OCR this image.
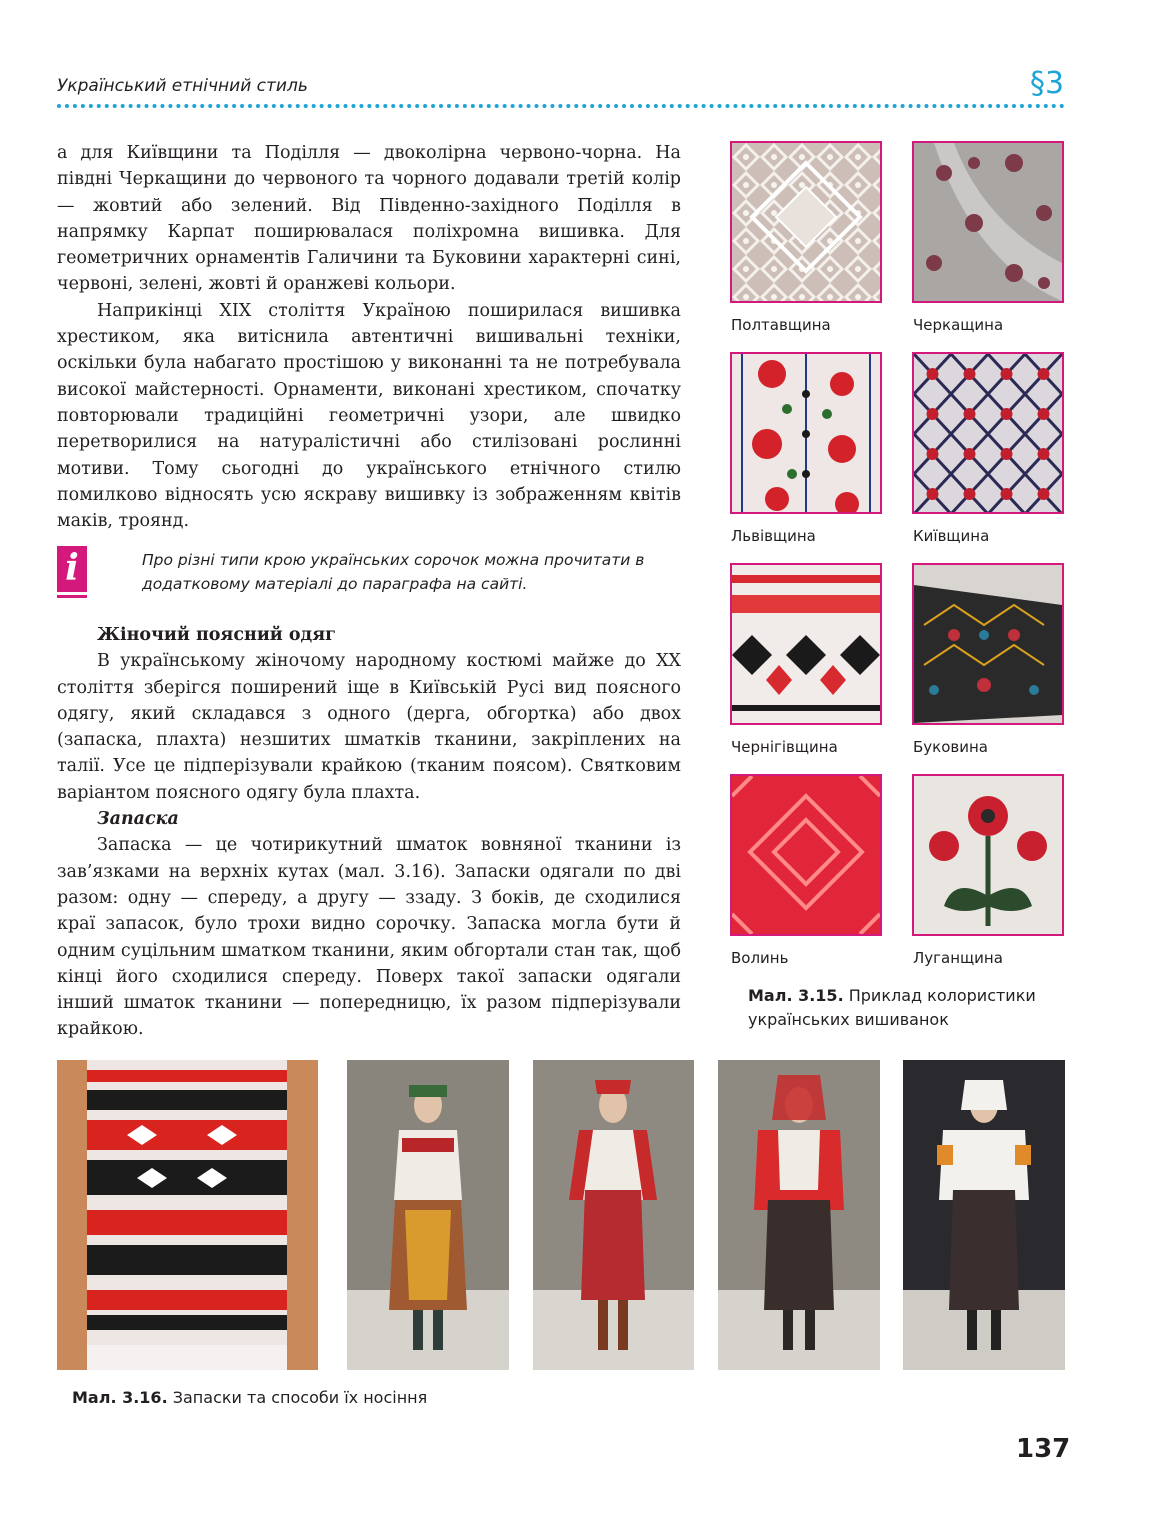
Український етнічний стиль	§3

а для Київщини та Поділля — двоколірна червоно-чорна. На півдні Черкащини до червоного та чорного додавали третій колір — жовтий або зелений. Від Південно-західного Поділля в напрямку Карпат поширювалася поліхромна вишивка. Для геометричних орнаментів Галичини та Буковини характерні сині, червоні, зелені, жовті й оранжеві кольори.

Наприкінці XIX століття Україною поширилася вишивка хрестиком, яка витіснила автентичні вишивальні техніки, оскільки була набагато простішою у виконанні та не потребувала високої майстерності. Орнаменти, виконані хрестиком, спочатку повторювали традиційні геометричні узори, але швидко перетворилися на натуралістичні або стилізовані рослинні мотиви. Тому сьогодні до українського етнічного стилю помилково відносять усю яскраву вишивку із зображенням квітів маків, троянд.

i	Про різні типи крою українських сорочок можна прочитати в додатковому матеріалі до параграфа на сайті.

Жіночий поясний одяг

В українському жіночому народному костюмі майже до XX століття зберігся поширений іще в Київській Русі вид поясного одягу, який складався з одного (дерга, обгортка) або двох (запаска, плахта) незшитих шматків тканини, закріплених на талії. Усе це підперізували крайкою (тканим поясом). Святковим варіантом поясного одягу була плахта.

Запаска

Запаска — це чотирикутний шматок вовняної тканини із зав’язками на верхніх кутах (мал. 3.16). Запаски одягали по дві разом: одну — спереду, а другу — ззаду. З боків, де сходилися краї запасок, було трохи видно сорочку. Запаска могла бути й одним суцільним шматком тканини, яким обгортали стан так, щоб кінці його сходилися спереду. Поверх такої запаски одягали інший шматок тканини — попередницю, їх разом підперізували крайкою.

Полтавщина	Черкащина
Львівщина	Київщина
Чернігівщина	Буковина
Волинь	Луганщина
Мал. 3.15. Приклад колористики українських вишиванок
Мал. 3.16. Запаски та способи їх носіння
137
